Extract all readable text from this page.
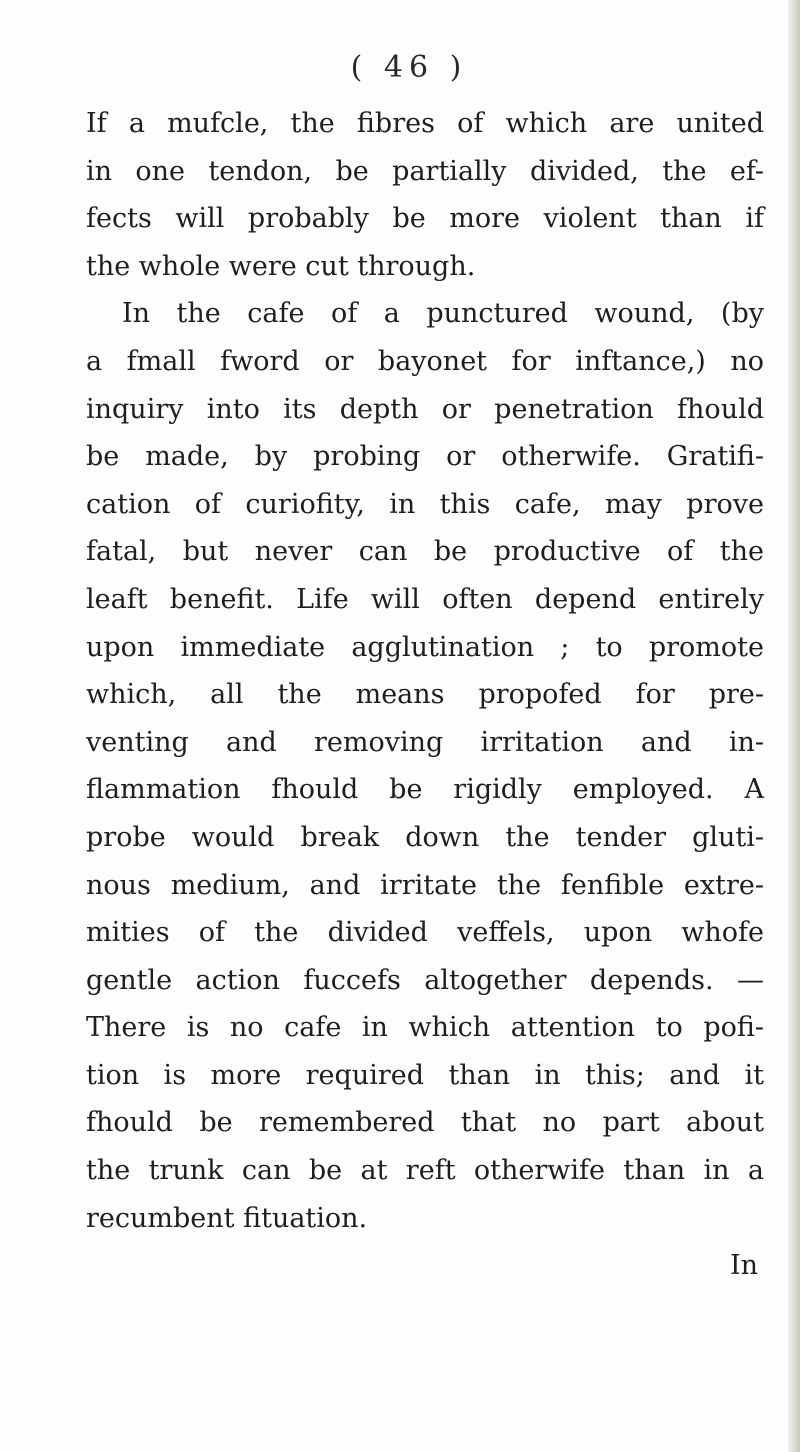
( 46 )
If a mufcle, the fibres of which are united
in one tendon, be partially divided, the ef-
fects will probably be more violent than if
the whole were cut through.
In the cafe of a punctured wound, (by
a fmall fword or bayonet for inftance,) no
inquiry into its depth or penetration fhould
be made, by probing or otherwife. Gratifi-
cation of curiofity, in this cafe, may prove
fatal, but never can be productive of the
leaft benefit. Life will often depend entirely
upon immediate agglutination ; to promote
which, all the means propofed for pre-
venting and removing irritation and in-
flammation fhould be rigidly employed. A
probe would break down the tender gluti-
nous medium, and irritate the fenfible extre-
mities of the divided veffels, upon whofe
gentle action fuccefs altogether depends. —
There is no cafe in which attention to pofi-
tion is more required than in this; and it
fhould be remembered that no part about
the trunk can be at reft otherwife than in a
recumbent fituation.
In
